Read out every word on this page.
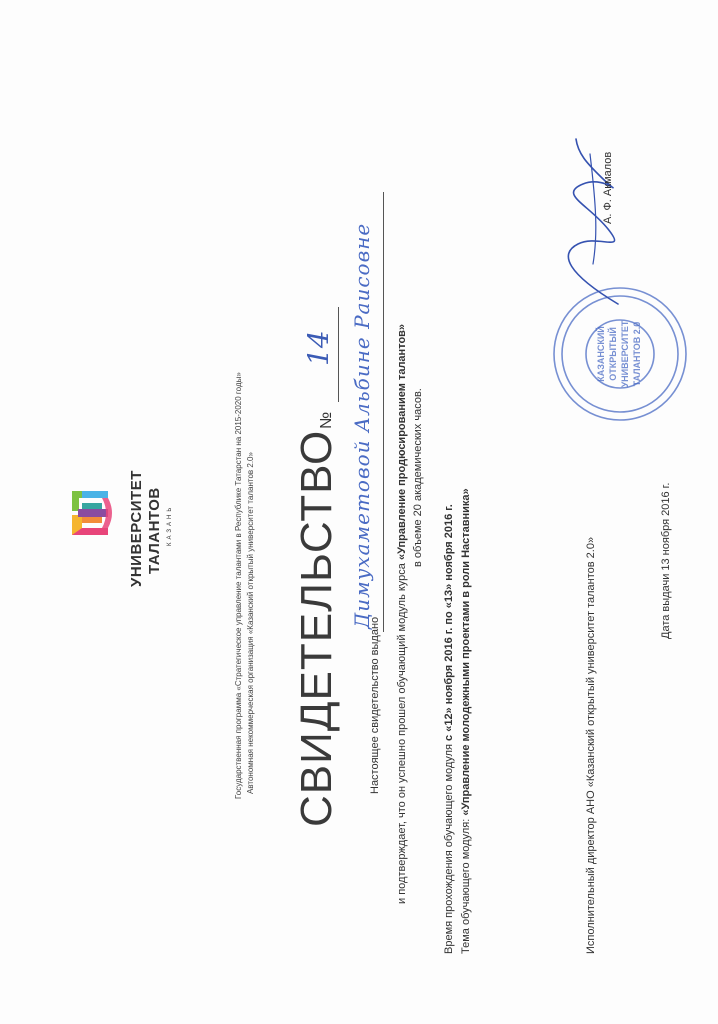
УНИВЕРСИТЕТ ТАЛАНТОВ КАЗАНЬ	Государственная программа «Стратегическое управление талантами в Республике Татарстан на 2015-2020 годы» Автономная некоммерческая организация «Казанский открытый университет талантов 2.0» СВИДЕТЕЛЬСТВО
№
14
Настоящее свидетельство выдано
Димухаметовой Альбине Раисовне
и подтверждает, что он успешно прошел обучающий модуль курса «Управление продюсированием талантов» в объеме 20 академических часов.
Время прохождения обучающего модуля с «12» ноября 2016 г. по «13» ноября 2016 г.
Тема обучающего модуля: «Управление молодежными проектами в роли Наставника»
КАЗАНСКИЙ ОТКРЫТЫЙ УНИВЕРСИТЕТ ТАЛАНТОВ 2.0
Исполнительный директор АНО «Казанский открытый университет талантов 2.0»
А. Ф. Акмалов
Дата выдачи 13 ноября 2016 г.
